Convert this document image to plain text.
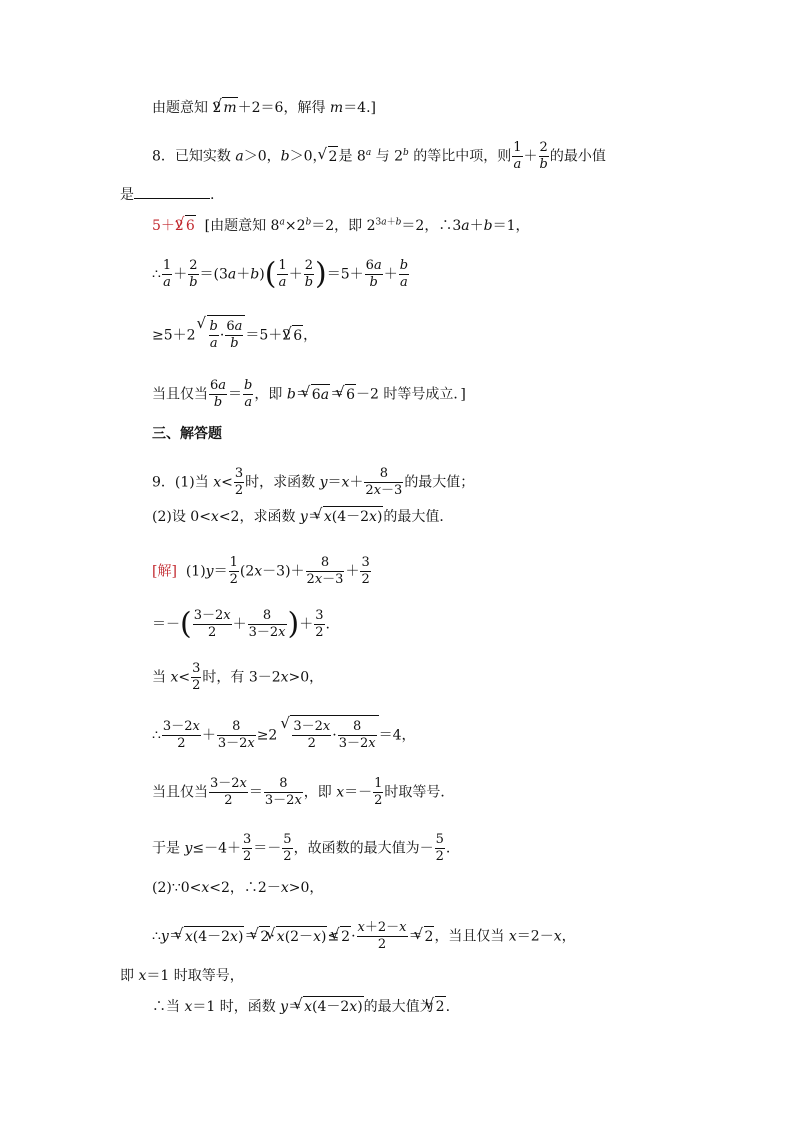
由题意知 2√ m＋2＝6，解得 m＝4.]
8．已知实数 a＞0，b＞0，√ 2是 8$^a$ 与 2$^b$ 的等比中项，则 $\frac{1}{a} + \frac{2}{b}$ 的最小值
是	.
5＋2√ 6  [由题意知 $8^a\times 2^b=2$，即 $2^{3a+b}=2$，∴3a＋b＝1，
∴ $\frac{1}{a} + \frac{2}{b} =(3a+b)( \frac{1}{a} + \frac{2}{b} )=5+ \frac{6a}{b} + \frac{b}{a}$
≥5＋2
√ $\frac{b}{a} \cdot \frac{6a}{b} =5+2√$ 6，
当且仅当 $\frac{6a}{b} = \frac{b}{a}$ ，即 b＝√ 6a＝√ 6－2 时等号成立．]
三、解答题
9．(1)当 $x< \frac{3}{2}$ 时，求函数 $y=x+ \frac{8}{2x-3}$ 的最大值；
(2)设 0<x<2，求函数 y＝√ x(4－2x)的最大值．
[解]  $(1)y= \frac{1}{2} (2x-3)+ \frac{8}{2x-3} + \frac{3}{2}$
＝－( $\frac{3-2x}{2} + \frac{8}{3-2x}$ )＋ $\frac{3}{2}$ .
当 $x< \frac{3}{2}$ 时，有 3－2x>0，
∴ $\frac{3-2x}{2} + \frac{8}{3-2x} \ge 2$
√ $\frac{3-2x}{2} \cdot \frac{8}{3-2x} =4$，
当且仅当 $\frac{3-2x}{2} = \frac{8}{3-2x}$ ，即 $x=- \frac{1}{2}$ 时取等号．
于是 $y\le-4+ \frac{3}{2} =- \frac{5}{2}$ ，故函数的最大值为－ $\frac{5}{2}$ .
(2)∵0<x<2，∴2－x>0，
∴y＝√ x(4－2x)＝√ 2·√ x(2－x)≤√ $2\cdot \frac{x+2-x}{2}$ ＝√ 2，当且仅当 x＝2－x，
即 x＝1 时取等号，
∴当 x＝1 时，函数 y＝√ x(4－2x)的最大值为√ 2.
